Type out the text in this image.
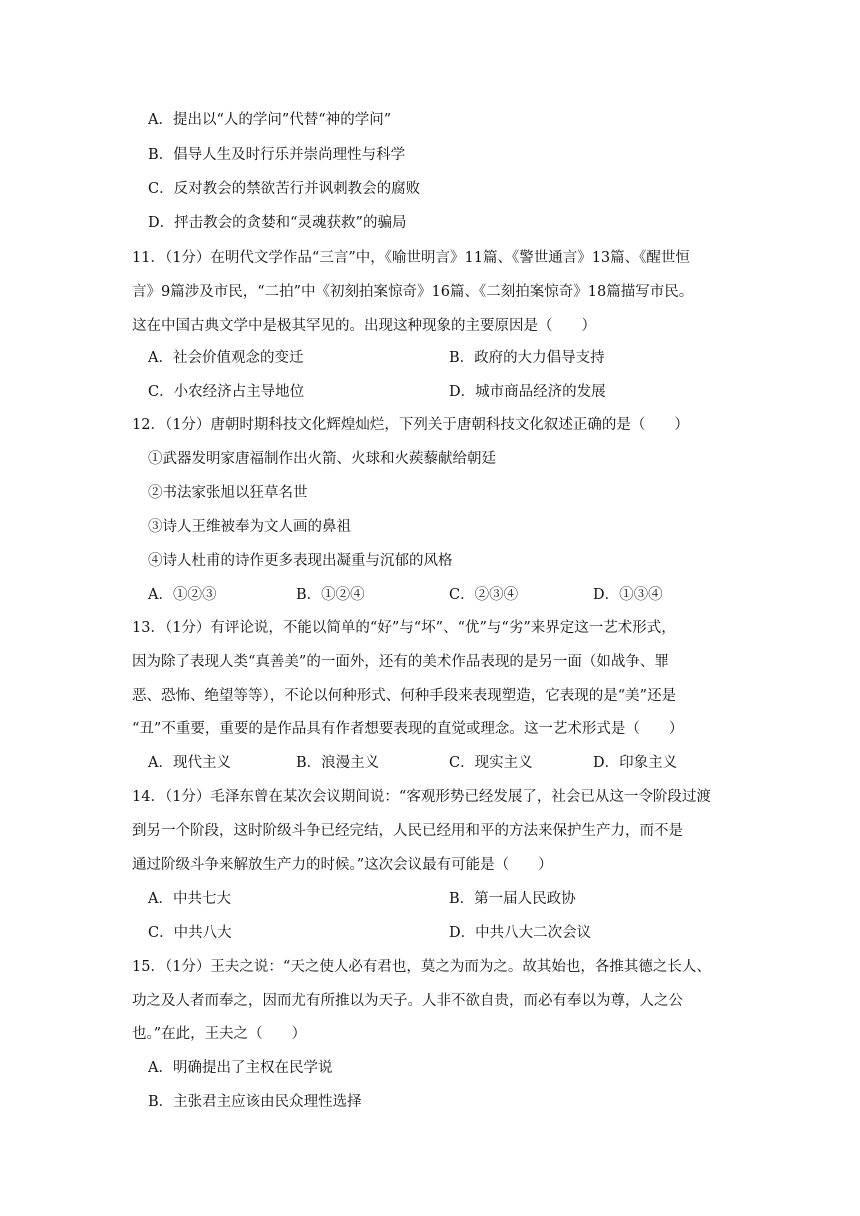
A．提出以“人的学问”代替“神的学问”
B．倡导人生及时行乐并崇尚理性与科学
C．反对教会的禁欲苦行并讽刺教会的腐败
D．抨击教会的贪婪和“灵魂获救”的骗局
11．（1分）在明代文学作品“三言”中，《喻世明言》11篇、《警世通言》13篇、《醒世恒
言》9篇涉及市民，“二拍”中《初刻拍案惊奇》16篇、《二刻拍案惊奇》18篇描写市民。
这在中国古典文学中是极其罕见的。出现这种现象的主要原因是（　　）
A．社会价值观念的变迁	B．政府的大力倡导支持
C．小农经济占主导地位	D．城市商品经济的发展
12．（1分）唐朝时期科技文化辉煌灿烂，下列关于唐朝科技文化叙述正确的是（　　）
①武器发明家唐福制作出火箭、火球和火蒺藜献给朝廷
②书法家张旭以狂草名世
③诗人王维被奉为文人画的鼻祖
④诗人杜甫的诗作更多表现出凝重与沉郁的风格
A．①②③	B．①②④	C．②③④	D．①③④
13．（1分）有评论说，不能以简单的“好”与“坏”、“优”与“劣”来界定这一艺术形式，
因为除了表现人类“真善美”的一面外，还有的美术作品表现的是另一面（如战争、罪
恶、恐怖、绝望等等），不论以何种形式、何种手段来表现塑造，它表现的是“美”还是
“丑”不重要，重要的是作品具有作者想要表现的直觉或理念。这一艺术形式是（　　）
A．现代主义	B．浪漫主义	C．现实主义	D．印象主义
14．（1分）毛泽东曾在某次会议期间说：“客观形势已经发展了，社会已从这一令阶段过渡
到另一个阶段，这时阶级斗争已经完结，人民已经用和平的方法来保护生产力，而不是
通过阶级斗争来解放生产力的时候。”这次会议最有可能是（　　）
A．中共七大	B．第一届人民政协
C．中共八大	D．中共八大二次会议
15．（1分）王夫之说：“天之使人必有君也，莫之为而为之。故其始也，各推其德之长人、
功之及人者而奉之，因而尤有所推以为天子。人非不欲自贵，而必有奉以为尊，人之公
也。”在此，王夫之（　　）
A．明确提出了主权在民学说
B．主张君主应该由民众理性选择
